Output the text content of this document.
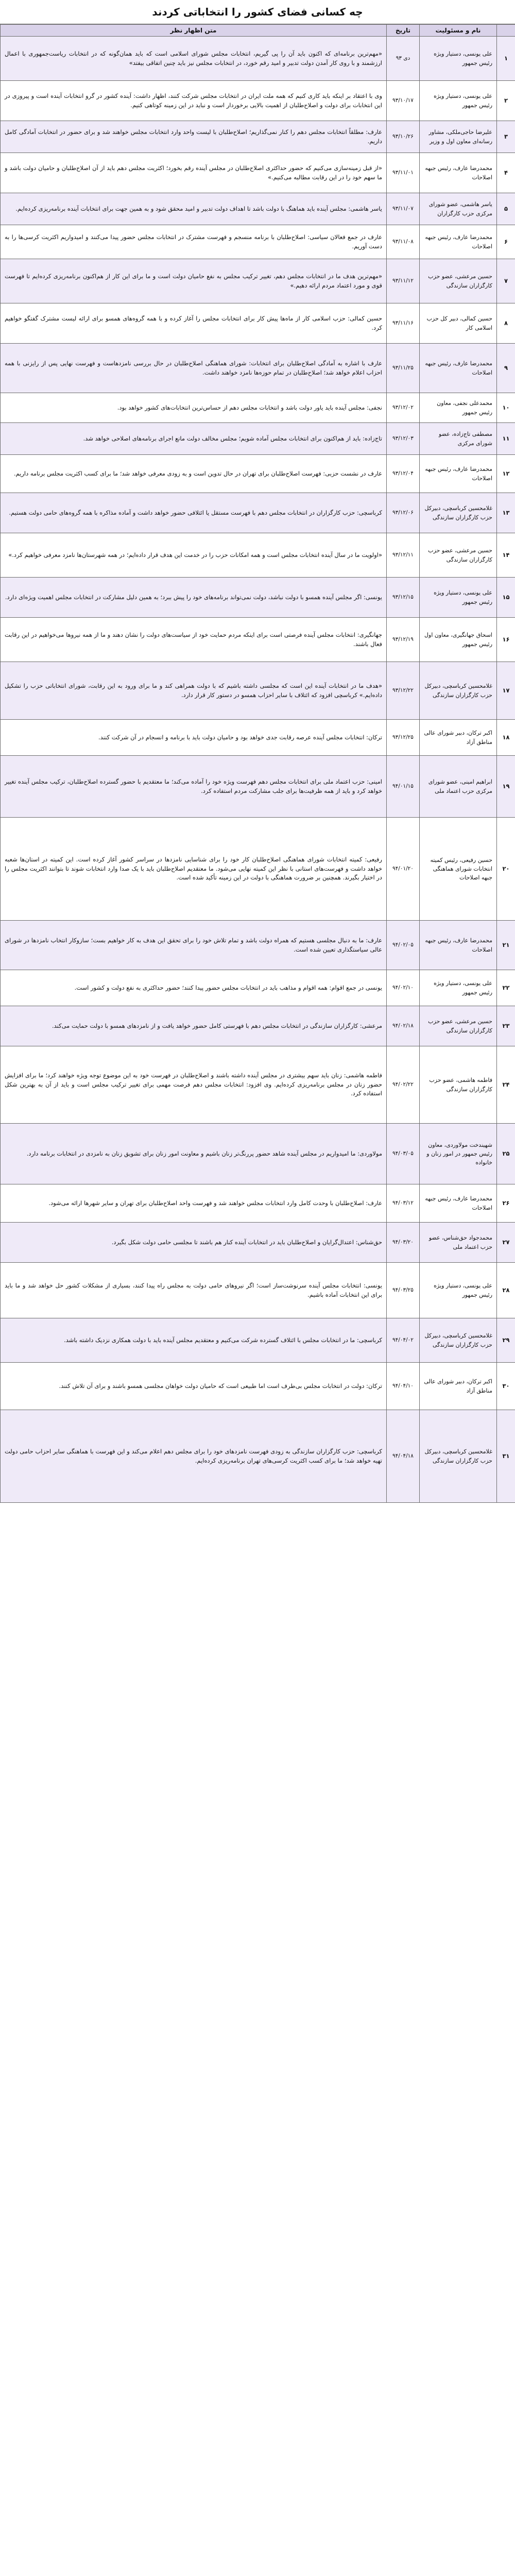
چه کسانی فضای کشور را انتخاباتی کردند
	نام و مسئولیت	تاریخ	متن اظهار نظر
۱	علی یونسی، دستیار ویژه رئیس جمهور	دی ۹۳	«مهم‌ترین برنامه‌ای که اکنون باید آن را پی گیریم، انتخابات مجلس شورای اسلامی است که باید همان‌گونه که در انتخابات ریاست‌جمهوری با اعمال ارزشمند و با روی کار آمدن دولت تدبیر و امید رقم خورد، در انتخابات مجلس نیز باید چنین اتفاقی بیفتد»
۲	علی یونسی، دستیار ویژه رئیس جمهور	۹۳/۱۰/۱۷	وی با اعتقاد بر اینکه باید کاری کنیم که همه ملت ایران در انتخابات مجلس شرکت کنند، اظهار داشت: آینده کشور در گرو انتخابات آینده است و پیروزی در این انتخابات برای دولت و اصلاح‌طلبان از اهمیت بالایی برخوردار است و نباید در این زمینه کوتاهی کنیم.
۳	علیرضا حاجی‌ملکی، مشاور رسانه‌ای معاون اول و وزیر	۹۳/۱۰/۲۶	عارف: مطلقاً انتخابات مجلس دهم را کنار نمی‌گذاریم؛ اصلاح‌طلبان با لیست واحد وارد انتخابات مجلس خواهند شد و برای حضور در انتخابات آمادگی کامل داریم.
۴	محمدرضا عارف، رئیس جبهه اصلاحات	۹۳/۱۱/۰۱	«از قبل زمینه‌سازی می‌کنیم که حضور حداکثری اصلاح‌طلبان در مجلس آینده رقم بخورد؛ اکثریت مجلس دهم باید از آن اصلاح‌طلبان و حامیان دولت باشد و ما سهم خود را در این رقابت مطالبه می‌کنیم.»
۵	یاسر هاشمی، عضو شورای مرکزی حزب کارگزاران	۹۳/۱۱/۰۷	یاسر هاشمی: مجلس آینده باید هماهنگ با دولت باشد تا اهداف دولت تدبیر و امید محقق شود و به همین جهت برای انتخابات آینده برنامه‌ریزی کرده‌ایم.
۶	محمدرضا عارف، رئیس جبهه اصلاحات	۹۳/۱۱/۰۸	عارف در جمع فعالان سیاسی: اصلاح‌طلبان با برنامه منسجم و فهرست مشترک در انتخابات مجلس حضور پیدا می‌کنند و امیدواریم اکثریت کرسی‌ها را به دست آوریم.
۷	حسین مرعشی، عضو حزب کارگزاران سازندگی	۹۳/۱۱/۱۲	«مهم‌ترین هدف ما در انتخابات مجلس دهم، تغییر ترکیب مجلس به نفع حامیان دولت است و ما برای این کار از هم‌اکنون برنامه‌ریزی کرده‌ایم تا فهرست قوی و مورد اعتماد مردم ارائه دهیم.»
۸	حسین کمالی، دبیر کل حزب اسلامی کار	۹۳/۱۱/۱۶	حسین کمالی: حزب اسلامی کار از ماه‌ها پیش کار برای انتخابات مجلس را آغاز کرده و با همه گروه‌های همسو برای ارائه لیست مشترک گفتگو خواهیم کرد.
۹	محمدرضا عارف، رئیس جبهه اصلاحات	۹۳/۱۱/۲۵	عارف با اشاره به آمادگی اصلاح‌طلبان برای انتخابات: شورای هماهنگی اصلاح‌طلبان در حال بررسی نامزدهاست و فهرست نهایی پس از رایزنی با همه احزاب اعلام خواهد شد؛ اصلاح‌طلبان در تمام حوزه‌ها نامزد خواهند داشت.
۱۰	محمدعلی نجفی، معاون رئیس جمهور	۹۳/۱۲/۰۲	نجفی: مجلس آینده باید یاور دولت باشد و انتخابات مجلس دهم از حساس‌ترین انتخابات‌های کشور خواهد بود.
۱۱	مصطفی تاج‌زاده، عضو شورای مرکزی	۹۳/۱۲/۰۳	تاج‌زاده: باید از هم‌اکنون برای انتخابات مجلس آماده شویم؛ مجلس مخالف دولت مانع اجرای برنامه‌های اصلاحی خواهد شد.
۱۲	محمدرضا عارف، رئیس جبهه اصلاحات	۹۳/۱۲/۰۴	عارف در نشست حزبی: فهرست اصلاح‌طلبان برای تهران در حال تدوین است و به زودی معرفی خواهد شد؛ ما برای کسب اکثریت مجلس برنامه داریم.
۱۳	غلامحسین کرباسچی، دبیرکل حزب کارگزاران سازندگی	۹۳/۱۲/۰۶	کرباسچی: حزب کارگزاران در انتخابات مجلس دهم با فهرست مستقل یا ائتلافی حضور خواهد داشت و آماده مذاکره با همه گروه‌های حامی دولت هستیم.
۱۴	حسین مرعشی، عضو حزب کارگزاران سازندگی	۹۳/۱۲/۱۱	«اولویت ما در سال آینده انتخابات مجلس است و همه امکانات حزب را در خدمت این هدف قرار داده‌ایم؛ در همه شهرستان‌ها نامزد معرفی خواهیم کرد.»
۱۵	علی یونسی، دستیار ویژه رئیس جمهور	۹۳/۱۲/۱۵	یونسی: اگر مجلس آینده همسو با دولت نباشد، دولت نمی‌تواند برنامه‌های خود را پیش ببرد؛ به همین دلیل مشارکت در انتخابات مجلس اهمیت ویژه‌ای دارد.
۱۶	اسحاق جهانگیری، معاون اول رئیس جمهور	۹۳/۱۲/۱۹	جهانگیری: انتخابات مجلس آینده فرصتی است برای اینکه مردم حمایت خود از سیاست‌های دولت را نشان دهند و ما از همه نیروها می‌خواهیم در این رقابت فعال باشند.
۱۷	غلامحسین کرباسچی، دبیرکل حزب کارگزاران سازندگی	۹۳/۱۲/۲۲	«هدف ما در انتخابات آینده این است که مجلسی داشته باشیم که با دولت همراهی کند و ما برای ورود به این رقابت، شورای انتخاباتی حزب را تشکیل داده‌ایم.» کرباسچی افزود که ائتلاف با سایر احزاب همسو در دستور کار قرار دارد.
۱۸	اکبر ترکان، دبیر شورای عالی مناطق آزاد	۹۳/۱۲/۲۵	ترکان: انتخابات مجلس آینده عرصه رقابت جدی خواهد بود و حامیان دولت باید با برنامه و انسجام در آن شرکت کنند.
۱۹	ابراهیم امینی، عضو شورای مرکزی حزب اعتماد ملی	۹۴/۰۱/۱۵	امینی: حزب اعتماد ملی برای انتخابات مجلس دهم فهرست ویژه خود را آماده می‌کند؛ ما معتقدیم با حضور گسترده اصلاح‌طلبان، ترکیب مجلس آینده تغییر خواهد کرد و باید از همه ظرفیت‌ها برای جلب مشارکت مردم استفاده کرد.
۲۰	حسین رفیعی، رئیس کمیته انتخابات شورای هماهنگی جبهه اصلاحات	۹۴/۰۱/۲۰	رفیعی: کمیته انتخابات شورای هماهنگی اصلاح‌طلبان کار خود را برای شناسایی نامزدها در سراسر کشور آغاز کرده است. این کمیته در استان‌ها شعبه خواهد داشت و فهرست‌های استانی با نظر این کمیته نهایی می‌شود. ما معتقدیم اصلاح‌طلبان باید با یک صدا وارد انتخابات شوند تا بتوانند اکثریت مجلس را در اختیار بگیرند. همچنین بر ضرورت هماهنگی با دولت در این زمینه تأکید شده است.
۲۱	محمدرضا عارف، رئیس جبهه اصلاحات	۹۴/۰۲/۰۵	عارف: ما به دنبال مجلسی هستیم که همراه دولت باشد و تمام تلاش خود را برای تحقق این هدف به کار خواهیم بست؛ سازوکار انتخاب نامزدها در شورای عالی سیاستگذاری تعیین شده است.
۲۲	علی یونسی، دستیار ویژه رئیس جمهور	۹۴/۰۲/۱۰	یونسی در جمع اقوام: همه اقوام و مذاهب باید در انتخابات مجلس حضور پیدا کنند؛ حضور حداکثری به نفع دولت و کشور است.
۲۳	حسین مرعشی، عضو حزب کارگزاران سازندگی	۹۴/۰۲/۱۸	مرعشی: کارگزاران سازندگی در انتخابات مجلس دهم با فهرستی کامل حضور خواهد یافت و از نامزدهای همسو با دولت حمایت می‌کند.
۲۴	فاطمه هاشمی، عضو حزب کارگزاران سازندگی	۹۴/۰۲/۲۲	فاطمه هاشمی: زنان باید سهم بیشتری در مجلس آینده داشته باشند و اصلاح‌طلبان در فهرست خود به این موضوع توجه ویژه خواهند کرد؛ ما برای افزایش حضور زنان در مجلس برنامه‌ریزی کرده‌ایم. وی افزود: انتخابات مجلس دهم فرصت مهمی برای تغییر ترکیب مجلس است و باید از آن به بهترین شکل استفاده کرد.
۲۵	شهیندخت مولاوردی، معاون رئیس جمهور در امور زنان و خانواده	۹۴/۰۳/۰۵	مولاوردی: ما امیدواریم در مجلس آینده شاهد حضور پررنگ‌تر زنان باشیم و معاونت امور زنان برای تشویق زنان به نامزدی در انتخابات برنامه دارد.
۲۶	محمدرضا عارف، رئیس جبهه اصلاحات	۹۴/۰۳/۱۲	عارف: اصلاح‌طلبان با وحدت کامل وارد انتخابات مجلس خواهند شد و فهرست واحد اصلاح‌طلبان برای تهران و سایر شهرها ارائه می‌شود.
۲۷	محمدجواد حق‌شناس، عضو حزب اعتماد ملی	۹۴/۰۳/۲۰	حق‌شناس: اعتدال‌گرایان و اصلاح‌طلبان باید در انتخابات آینده کنار هم باشند تا مجلسی حامی دولت شکل بگیرد.
۲۸	علی یونسی، دستیار ویژه رئیس جمهور	۹۴/۰۳/۲۵	یونسی: انتخابات مجلس آینده سرنوشت‌ساز است؛ اگر نیروهای حامی دولت به مجلس راه پیدا کنند، بسیاری از مشکلات کشور حل خواهد شد و ما باید برای این انتخابات آماده باشیم.
۲۹	غلامحسین کرباسچی، دبیرکل حزب کارگزاران سازندگی	۹۴/۰۴/۰۲	کرباسچی: ما در انتخابات مجلس با ائتلاف گسترده شرکت می‌کنیم و معتقدیم مجلس آینده باید با دولت همکاری نزدیک داشته باشد.
۳۰	اکبر ترکان، دبیر شورای عالی مناطق آزاد	۹۴/۰۴/۱۰	ترکان: دولت در انتخابات مجلس بی‌طرف است اما طبیعی است که حامیان دولت خواهان مجلسی همسو باشند و برای آن تلاش کنند.
۳۱	غلامحسین کرباسچی، دبیرکل حزب کارگزاران سازندگی	۹۴/۰۴/۱۸	کرباسچی: حزب کارگزاران سازندگی به زودی فهرست نامزدهای خود را برای مجلس دهم اعلام می‌کند و این فهرست با هماهنگی سایر احزاب حامی دولت تهیه خواهد شد؛ ما برای کسب اکثریت کرسی‌های تهران برنامه‌ریزی کرده‌ایم.
